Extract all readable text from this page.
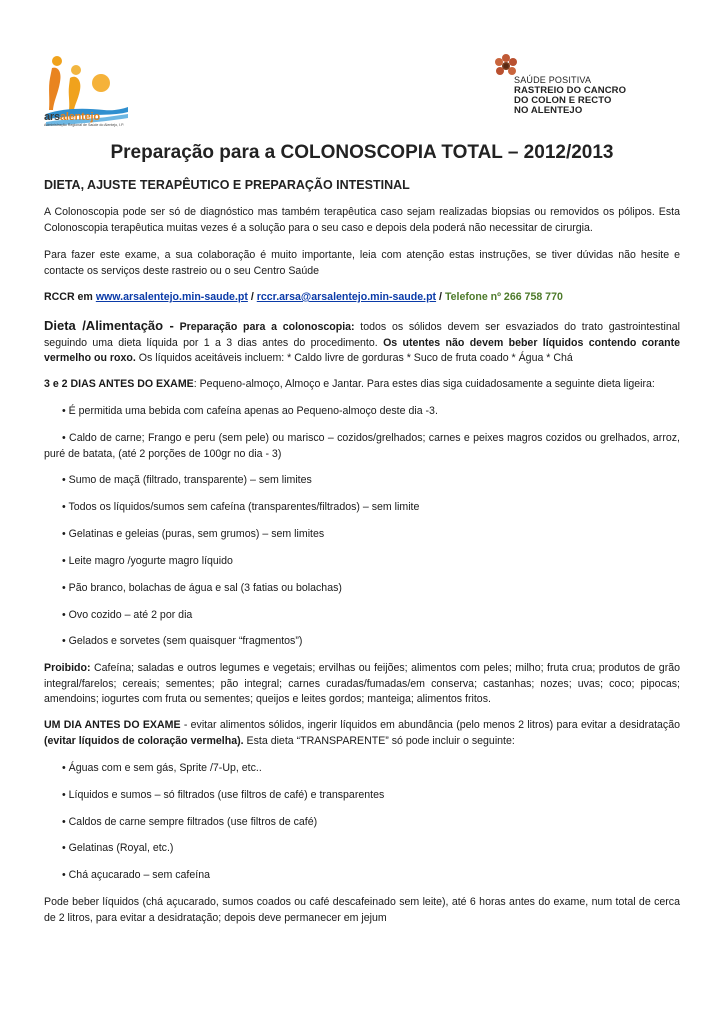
arsalentejo
Administração Regional de Saúde do Alentejo, I.P.
SAÚDE POSITIVA
RASTREIO DO CANCRO
DO COLON E RECTO
NO ALENTEJO
Preparação para a COLONOSCOPIA TOTAL – 2012/2013
DIETA, AJUSTE TERAPÊUTICO E PREPARAÇÃO INTESTINAL
A Colonoscopia pode ser só de diagnóstico mas também terapêutica caso sejam realizadas biopsias ou removidos os pólipos. Esta Colonoscopia terapêutica muitas vezes é a solução para o seu caso e depois dela poderá não necessitar de cirurgia.
Para fazer este exame, a sua colaboração é muito importante, leia com atenção estas instruções, se tiver dúvidas não hesite e contacte os serviços deste rastreio ou o seu Centro Saúde
RCCR em www.arsalentejo.min-saude.pt / rccr.arsa@arsalentejo.min-saude.pt / Telefone nº 266 758 770
Dieta /Alimentação - Preparação para a colonoscopia: todos os sólidos devem ser esvaziados do trato gastrointestinal seguindo uma dieta líquida por 1 a 3 dias antes do procedimento. Os utentes não devem beber líquidos contendo corante vermelho ou roxo. Os líquidos aceitáveis incluem: * Caldo livre de gorduras * Suco de fruta coado * Água * Chá
3 e 2 DIAS ANTES DO EXAME: Pequeno-almoço, Almoço e Jantar. Para estes dias siga cuidadosamente a seguinte dieta ligeira:
• É permitida uma bebida com cafeína apenas ao Pequeno-almoço deste dia -3.
• Caldo de carne; Frango e peru (sem pele) ou marisco – cozidos/grelhados; carnes e peixes magros cozidos ou grelhados, arroz, puré de batata, (até 2 porções de 100gr no dia - 3)
• Sumo de maçã (filtrado, transparente) – sem limites
• Todos os líquidos/sumos sem cafeína (transparentes/filtrados) – sem limite
• Gelatinas e geleias (puras, sem grumos) – sem limites
• Leite magro /yogurte magro líquido
• Pão branco, bolachas de água e sal (3 fatias ou bolachas)
• Ovo cozido – até 2 por dia
• Gelados e sorvetes (sem quaisquer “fragmentos”)
Proibido: Cafeína; saladas e outros legumes e vegetais; ervilhas ou feijões; alimentos com peles; milho; fruta crua; produtos de grão integral/farelos; cereais; sementes; pão integral; carnes curadas/fumadas/em conserva; castanhas; nozes; uvas; coco; pipocas; amendoins; iogurtes com fruta ou sementes; queijos e leites gordos; manteiga; alimentos fritos.
UM DIA ANTES DO EXAME - evitar alimentos sólidos, ingerir líquidos em abundância (pelo menos 2 litros) para evitar a desidratação (evitar líquidos de coloração vermelha). Esta dieta “TRANSPARENTE” só pode incluir o seguinte:
• Águas com e sem gás, Sprite /7-Up, etc..
• Líquidos e sumos – só filtrados (use filtros de café) e transparentes
• Caldos de carne sempre filtrados (use filtros de café)
• Gelatinas (Royal, etc.)
• Chá açucarado – sem cafeína
Pode beber líquidos (chá açucarado, sumos coados ou café descafeinado sem leite), até 6 horas antes do exame, num total de cerca de 2 litros, para evitar a desidratação; depois deve permanecer em jejum
